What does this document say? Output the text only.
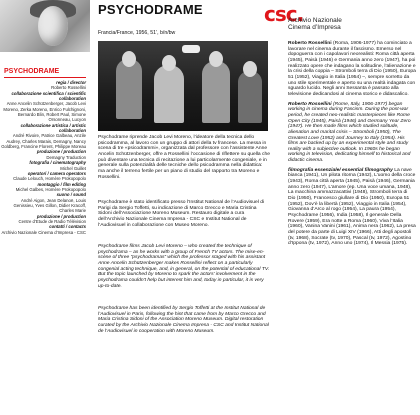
PSYCHODRAME	csc.
Archivio Nazionale
Cinema d’Impresa
PSYCHODRAME
regia / director
Roberto Rossellini
collaborazione scientifica / scientific collaboration
Anne Ancelin Schützenberger, Jacob Levi Moreno, Zerka Moreno, Enrico Fulchignoni, Bernardo Blin, Robert Paul, Simone Orsonneau, Lucyon
collaborazione artistica / artistic collaboration
André Rivoire, Patrice Galbeau, Anzile Audrey, Charles Marais, Demagny, Nancy Goldberg, Francine Florent, Philippe Moreau
produzione / production
Demagny Traduction
fotografia / cinematography
Michel Guillet
operatori / camera operators
Claude Lelouch, Homère Prokopopolo
montaggio / film editing
Michel Galbes, Homère Prokopopolo
suono / sound
André Aigon, Jean Delanoë, Louis Genissieu, Yves Gillon, Didier Kracoff, Charles Marie
produzione / production
Centre d’Etude de Radio Télévision
contatti / contacts
Archivio Nazionale Cinema d’Impresa - CSC
Francia/France, 1956, 51’, b/n/bw
Psychodrame riprende Jacob Levi Moreno, l’ideatore della tecnica dello psicodramma, al lavoro con un gruppo di attori della tv francese. La messa in scena di tre «psicodrammi», organizzata dal professore con l’assistente Anne Ancelin Schützenberger, offre a Rossellini l’occasione di riflettere su quella che può diventare una tecnica di recitazione a lui particolarmente congeniale, e in generale sulla potenzialità delle tecniche dello psicodramma nella didattica: ma anche il terreno fertile per un piano di studio del rapporto tra Moreno e Rossellini.
Psychodrame è stato identificato presso l’Institut National de l’Audiovisuel di Parigi da Sergio Toffetti, su indicazione di Marco Grecco e Maria Cristina Sidoni dell’Associazione Moreno Museum. Restauro digitale a cura dell’Archivio Nazionale Cinema Impresa - CSC e Institut National de l’Audiovisuel in collaborazione con Museo Moreno.
Psychodrame films Jacob Levi Moreno – who created the technique of psychodrama – as he works with a group of French TV actors. The mise-en-scène of three “psychodramas” which the professor staged with his assistant Anne Ancelin Schützenberger makes Rossellini reflect on a particularly congenial acting technique, and, in general, on the potential of educational TV. But the topic launched by Moreno to spark the actors’ involvement in the psychodrama couldn’t help but interest him and, today in particular, it is very up-to-date.
Psychodrame has been identified by Sergio Toffetti at the Institut National de l’Audiovisuel in Paris, following the hint that came from by Marco Grecco and Maria Cristina Sidoni of the Association Moreno Museum. Digital restoration curated by the Archivio Nazionale Cinema Impresa - CSC and Institut National de l’Audiovisuel in cooperation with Moreno Museum.

Roberto Rossellini (Roma, 1906-1977) ha cominciato a lavorare nel cinema durante il fascismo. Emerso nel dopoguerra con i capolavori neorealisti: Roma città aperta (1945), Paisà (1946) e Germania anno zero (1947), ha poi realizzato opere che indagano la solitudine, l’alienazione e la crisi della coppia – Stromboli terra di Dio (1950), Europa 51 (1952), Viaggio in Italia (1954) –, sempre sorretto da uno stile sperimentale e aperto su una realtà indagata con sguardo lucido. Negli anni Sessanta è passato alla televisione dedicandosi al cinema storico e didascalico.

Roberto Rossellini (Rome, Italy, 1906-1977) began working in cinema during Fascism. During the post-war period, he created neo-realistic masterpieces like Rome Open City (1945), Paisà (1946) and Germany Year Zero (1947). He then made films which studied solitude, alienation and marital crisis – Stromboli (1950), The Greatest Love (1952) and Journey to Italy (1954). His films are backed up by an experimental style and study reality with a subjective outlook. In 1960s he began working in television, dedicating himself to historical and didactic cinema.

filmografia essenziale/ essential filmography La nave bianca (1941), Un pilota ritorna (1942), L’uomo della croce (1943), Roma città aperta (1945), Paisà (1946), Germania anno zero (1947), L’amore (ep. Una voce umana, 1948), La macchina ammazzacattivi (1948), Stromboli terra di Dio (1950), Francesco giullare di Dio (1950), Europa 51 (1952), Dov’è la libertà (1952), Viaggio in Italia (1954), Giovanna d’Arco al rogo (1954), La paura (1954), Psychodrame (1956), India (1958), Il generale Della Rovere (1959), Era notte a Roma (1960), Viva l’Italia (1960), Vanina Vanini (1961), Anima nera (1962), La presa del potere da parte di Luigi XIV (1966), Atti degli apostoli (tv, 1968), Socrate (tv, 1970), Pascal (tv, 1972), Agostino d’Ippona (tv, 1972), Anno uno (1974), Il Messia (1975).
